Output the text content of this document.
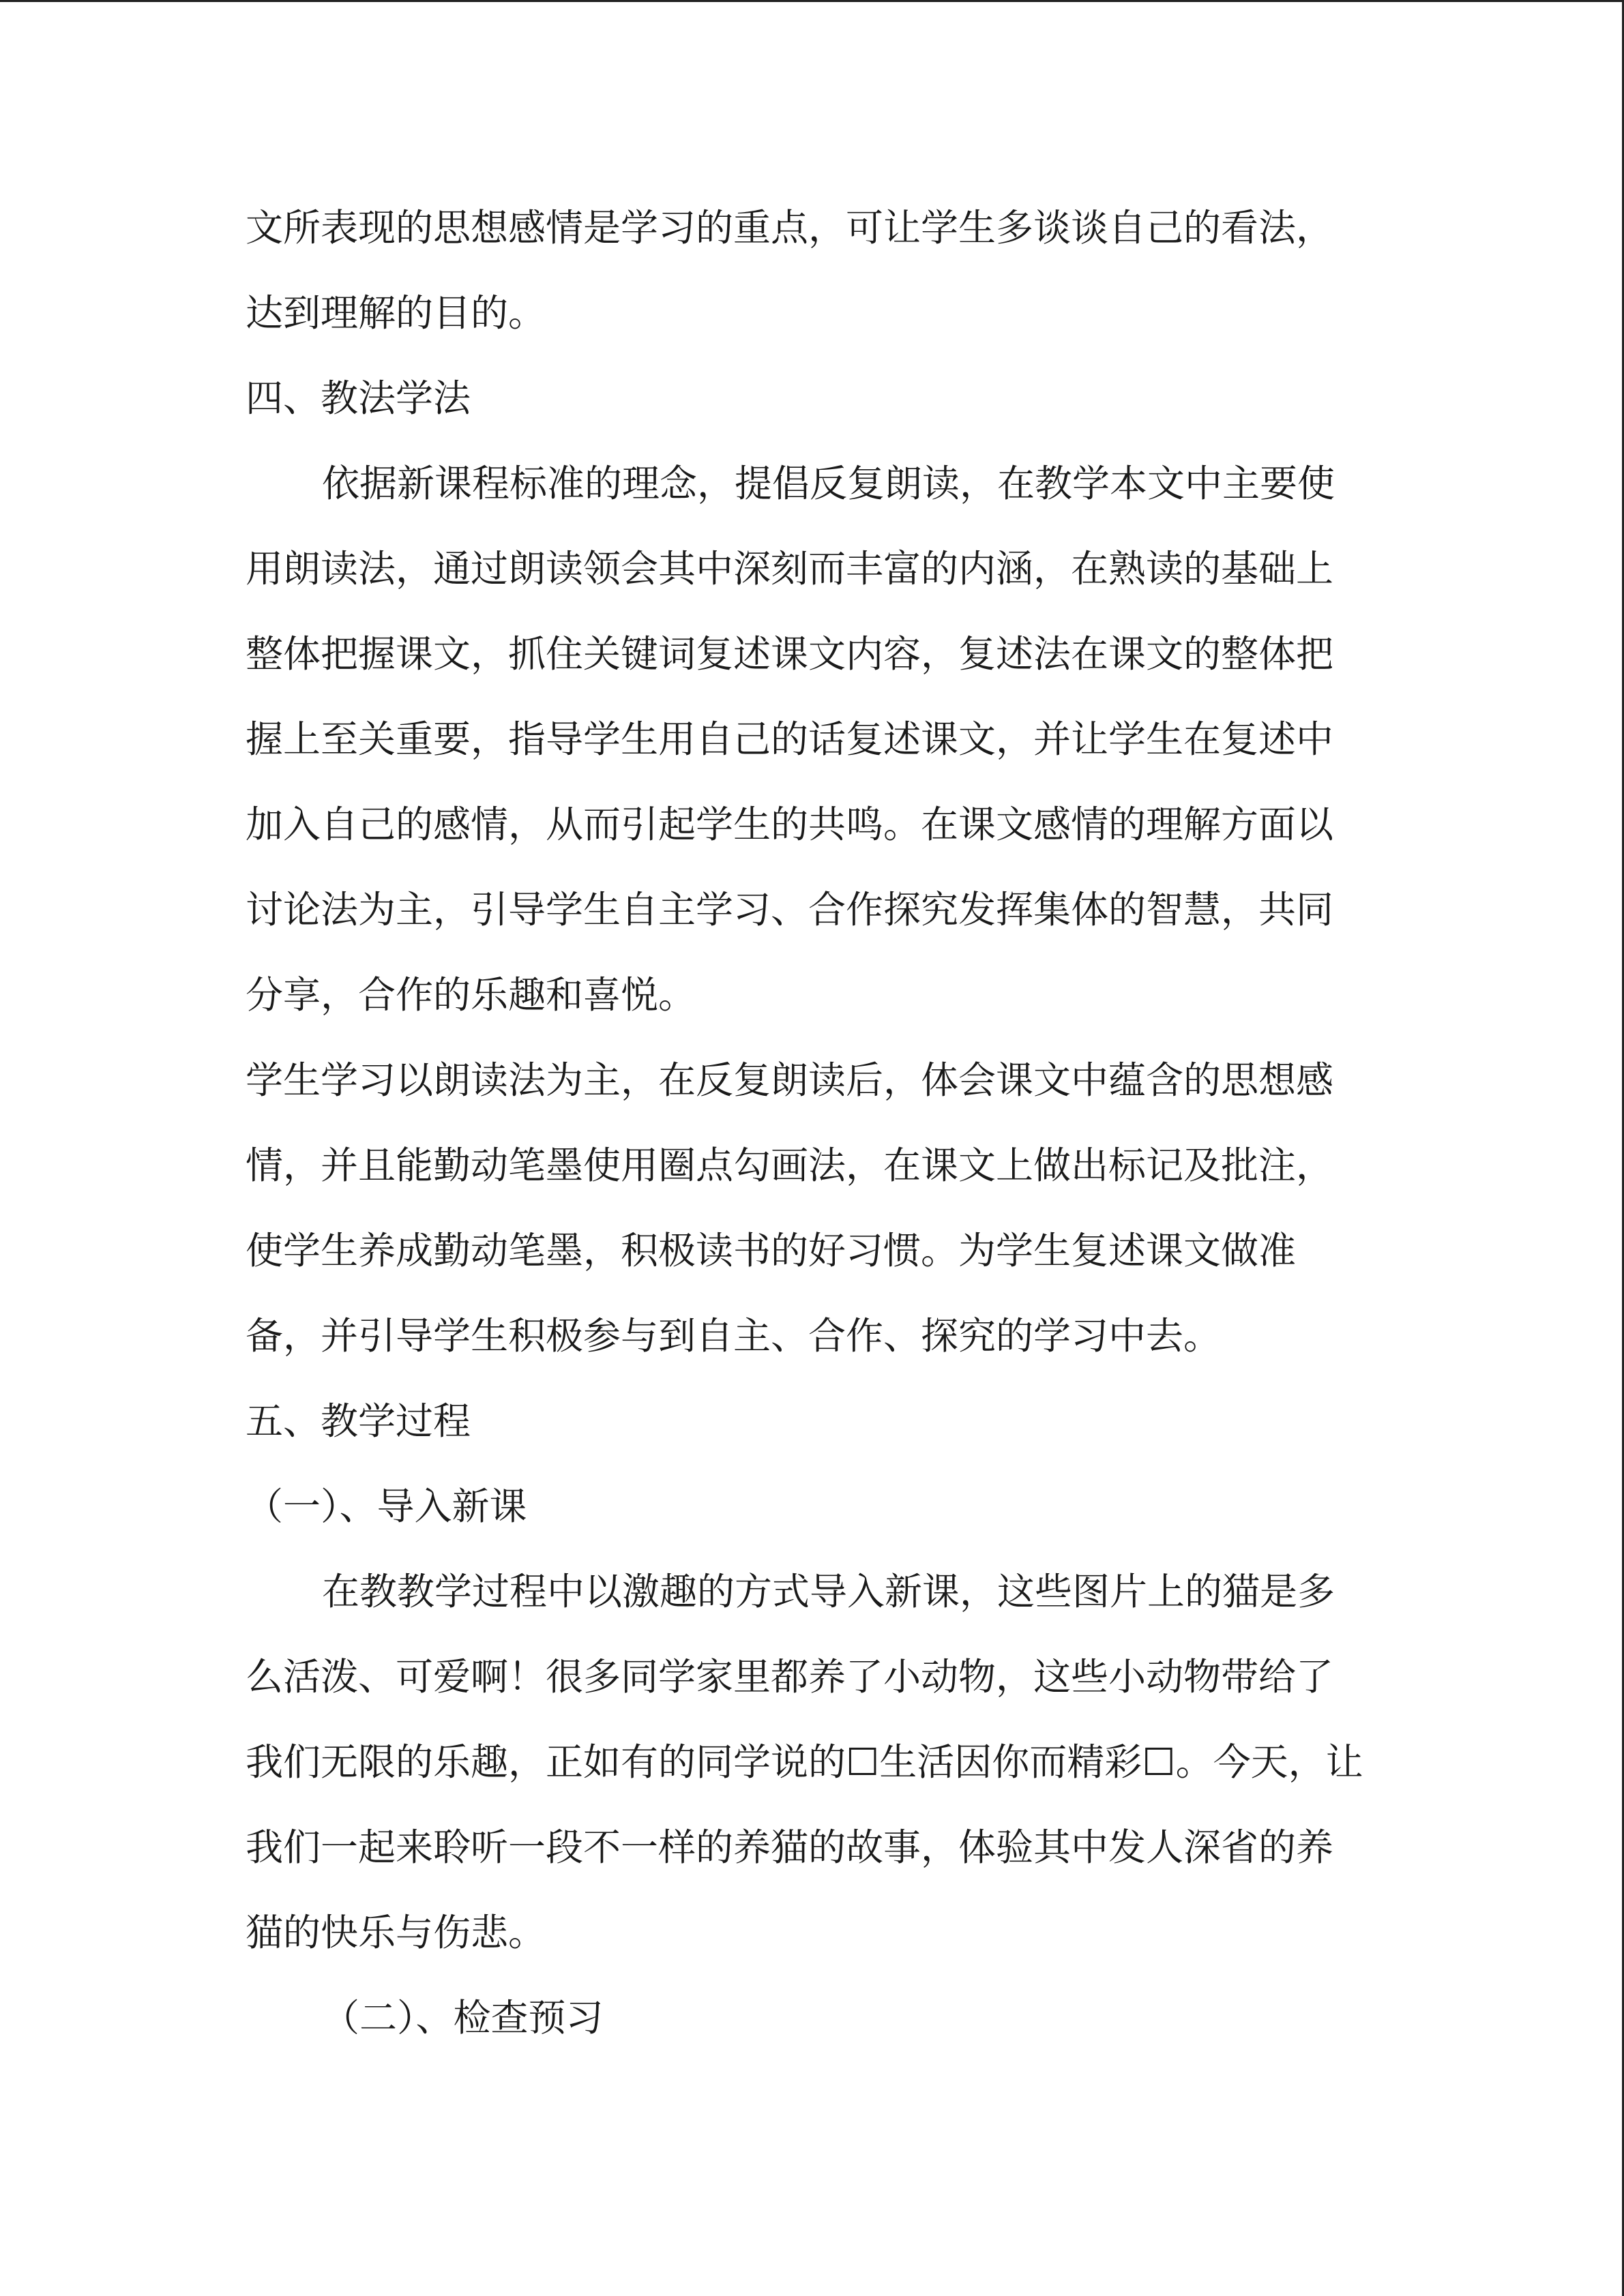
文所表现的思想感情是学习的重点，可让学生多谈谈自己的看法，
达到理解的目的。
四、教法学法
依据新课程标准的理念，提倡反复朗读，在教学本文中主要使
用朗读法，通过朗读领会其中深刻而丰富的内涵，在熟读的基础上
整体把握课文，抓住关键词复述课文内容，复述法在课文的整体把
握上至关重要，指导学生用自己的话复述课文，并让学生在复述中
加入自己的感情，从而引起学生的共鸣。在课文感情的理解方面以
讨论法为主，引导学生自主学习、合作探究发挥集体的智慧，共同
分享，合作的乐趣和喜悦。
学生学习以朗读法为主，在反复朗读后，体会课文中蕴含的思想感
情，并且能勤动笔墨使用圈点勾画法，在课文上做出标记及批注，
使学生养成勤动笔墨，积极读书的好习惯。为学生复述课文做准
备，并引导学生积极参与到自主、合作、探究的学习中去。
五、教学过程
（一）、导入新课
在教教学过程中以激趣的方式导入新课，这些图片上的猫是多
么活泼、可爱啊！很多同学家里都养了小动物，这些小动物带给了
我们无限的乐趣，正如有的同学说的☐生活因你而精彩☐。今天，让
我们一起来聆听一段不一样的养猫的故事，体验其中发人深省的养
猫的快乐与伤悲。
（二）、检查预习
